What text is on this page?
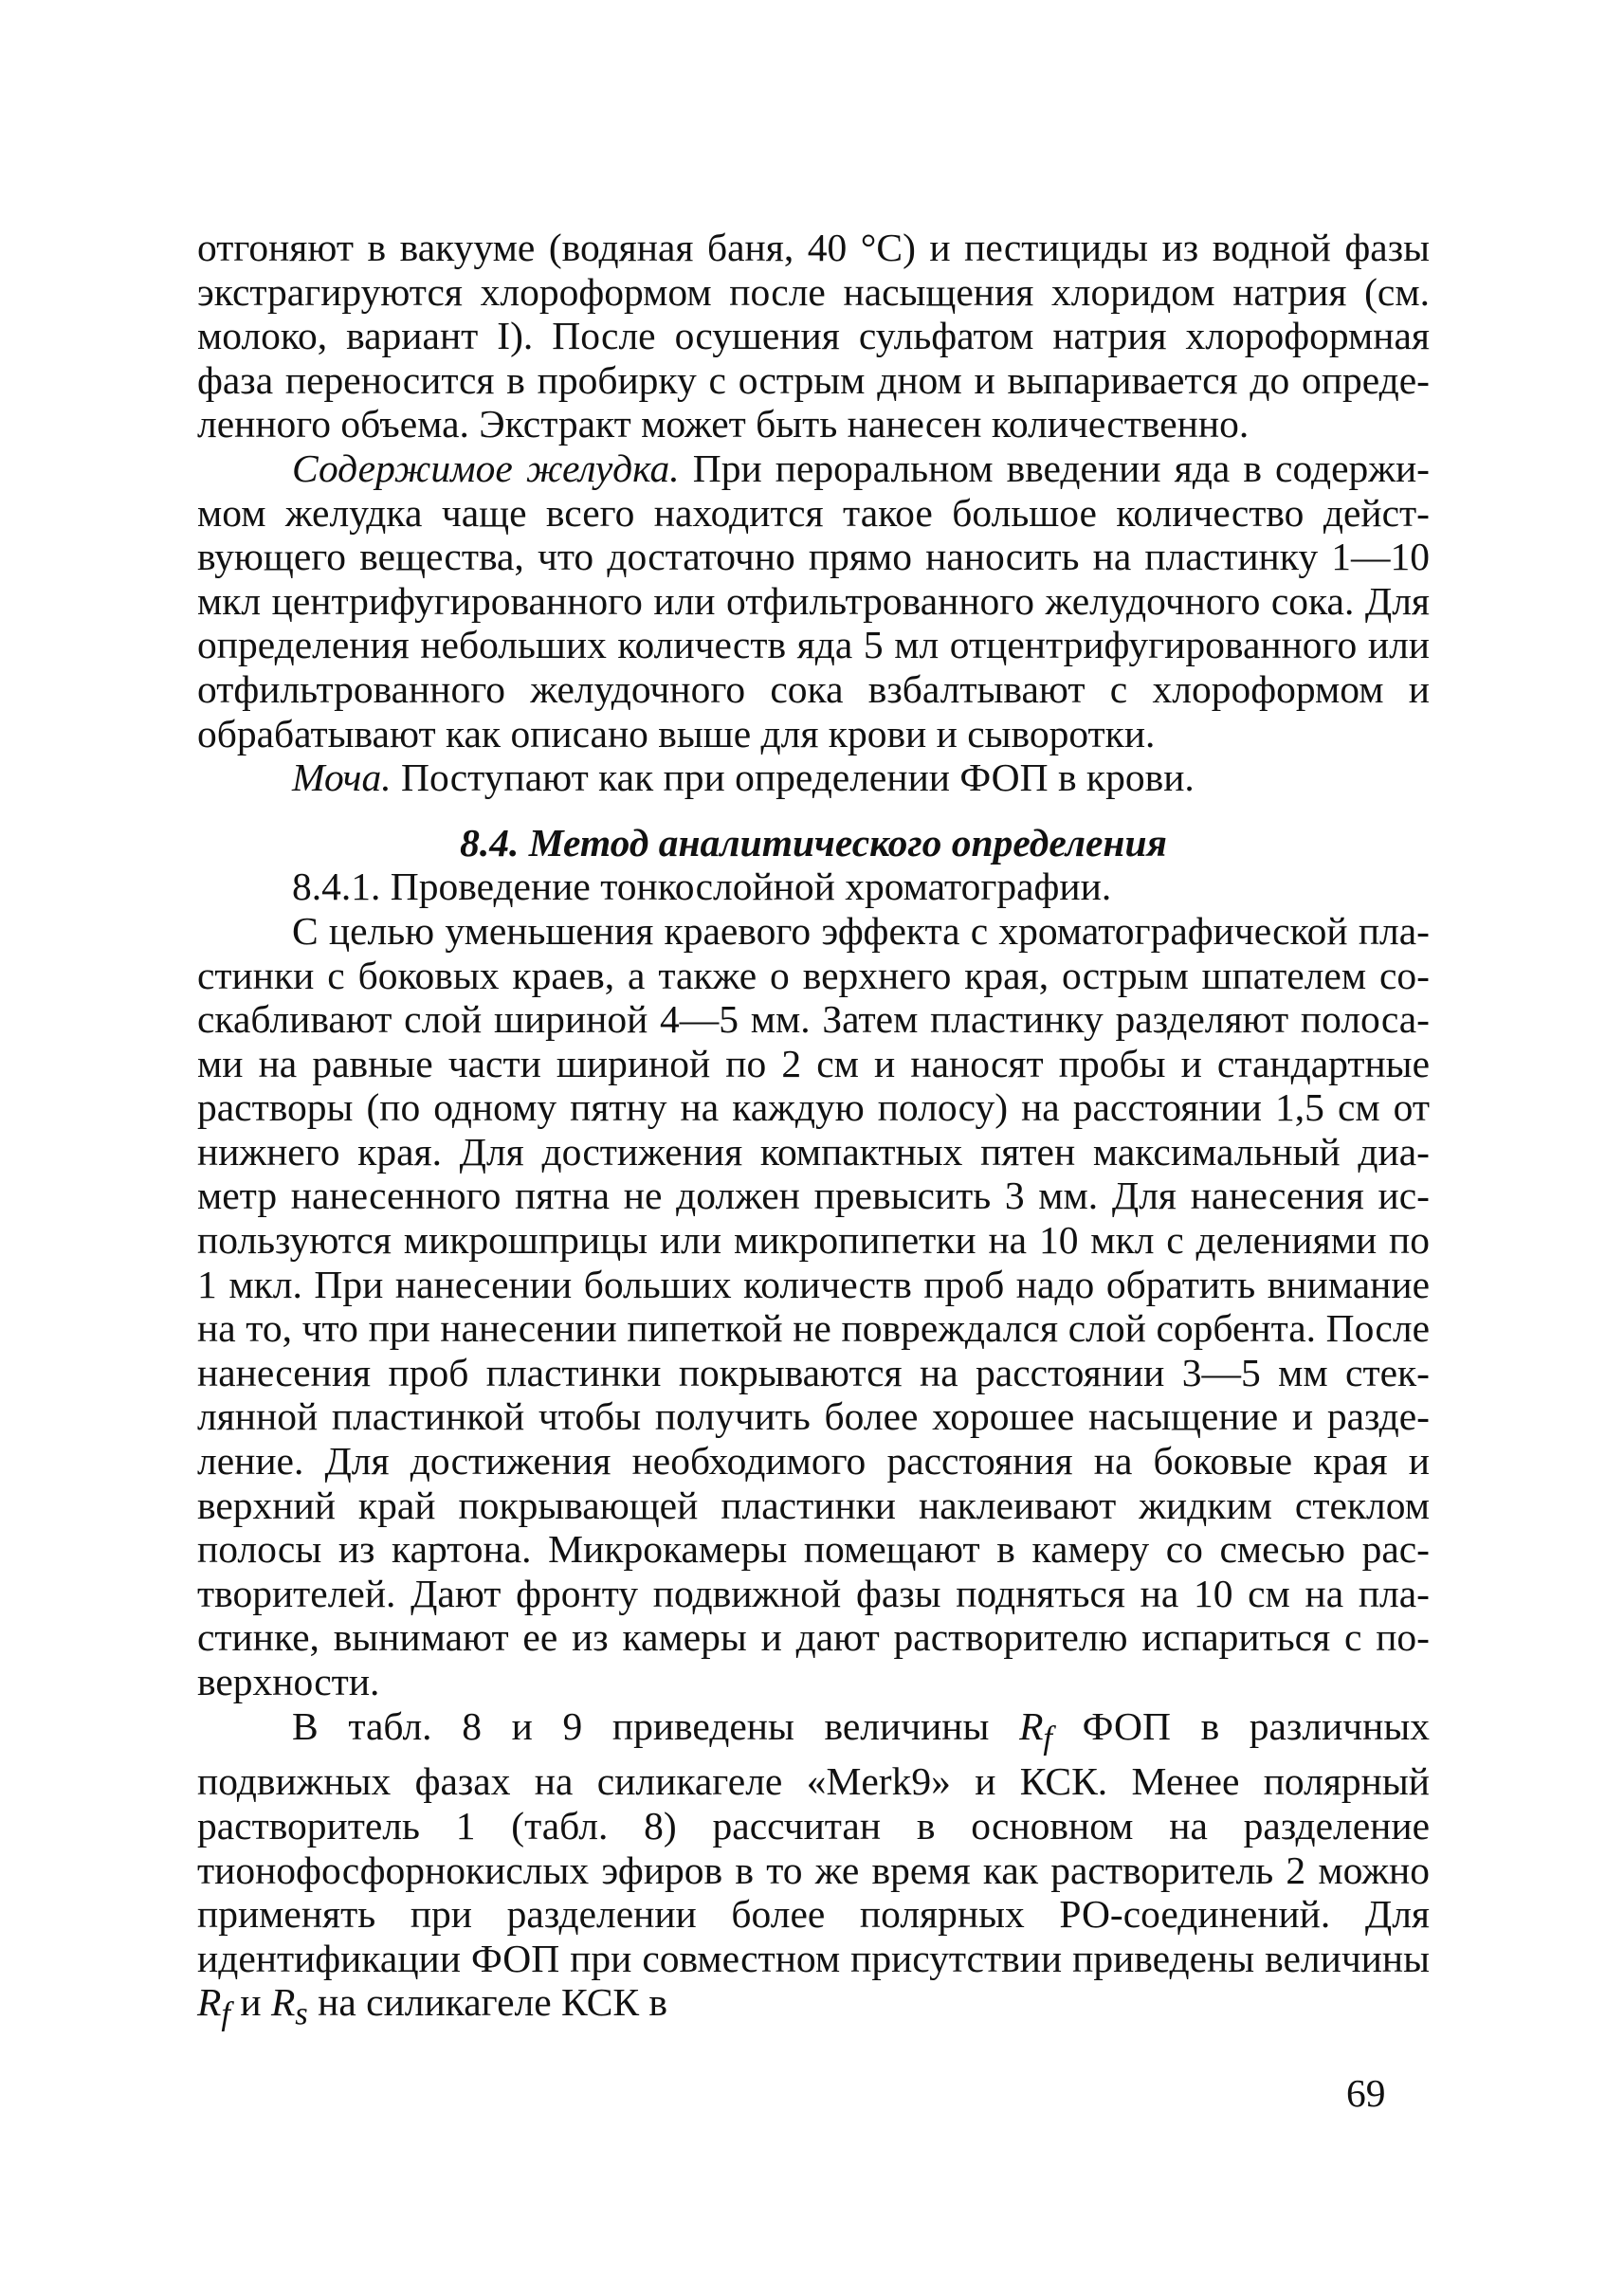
отгоняют в вакууме (водяная баня, 40 °С) и пестициды из водной фазы экстрагируются хлороформом после насыщения хлоридом натрия (см. молоко, вариант I). После осушения сульфатом натрия хлороформная фаза переносится в пробирку с острым дном и выпаривается до определенного объема. Экстракт может быть нанесен количественно.

Содержимое желудка. При пероральном введении яда в содержимом желудка чаще всего находится такое большое количество действующего вещества, что достаточно прямо наносить на пластинку 1—10 мкл центрифугированного или отфильтрованного желудочного сока. Для определения небольших количеств яда 5 мл отцентрифугированного или отфильтрованного желудочного сока взбалтывают с хлороформом и обрабатывают как описано выше для крови и сыворотки.

Моча. Поступают как при определении ФОП в крови.

8.4. Метод аналитического определения

8.4.1. Проведение тонкослойной хроматографии.

С целью уменьшения краевого эффекта с хроматографической пластинки с боковых краев, а также о верхнего края, острым шпателем соскабливают слой шириной 4—5 мм. Затем пластинку разделяют полосами на равные части шириной по 2 см и наносят пробы и стандартные растворы (по одному пятну на каждую полосу) на расстоянии 1,5 см от нижнего края. Для достижения компактных пятен максимальный диаметр нанесенного пятна не должен превысить 3 мм. Для нанесения используются микрошприцы или микропипетки на 10 мкл с делениями по 1 мкл. При нанесении больших количеств проб надо обратить внимание на то, что при нанесении пипеткой не повреждался слой сорбента. После нанесения проб пластинки покрываются на расстоянии 3—5 мм стеклянной пластинкой чтобы получить более хорошее насыщение и разделение. Для достижения необходимого расстояния на боковые края и верхний край покрывающей пластинки наклеивают жидким стеклом полосы из картона. Микрокамеры помещают в камеру со смесью растворителей. Дают фронту подвижной фазы подняться на 10 см на пластинке, вынимают ее из камеры и дают растворителю испариться с поверхности.

В табл. 8 и 9 приведены величины $R_f$ ФОП в различных подвижных фазах на силикагеле «Merk9» и КСК. Менее полярный растворитель 1 (табл. 8) рассчитан в основном на разделение тионофосфорнокислых эфиров в то же время как растворитель 2 можно применять при разделении более полярных РО-соединений. Для идентификации ФОП при совместном присутствии приведены величины $R_f$ и $R_s$ на силикагеле КСК в

69
